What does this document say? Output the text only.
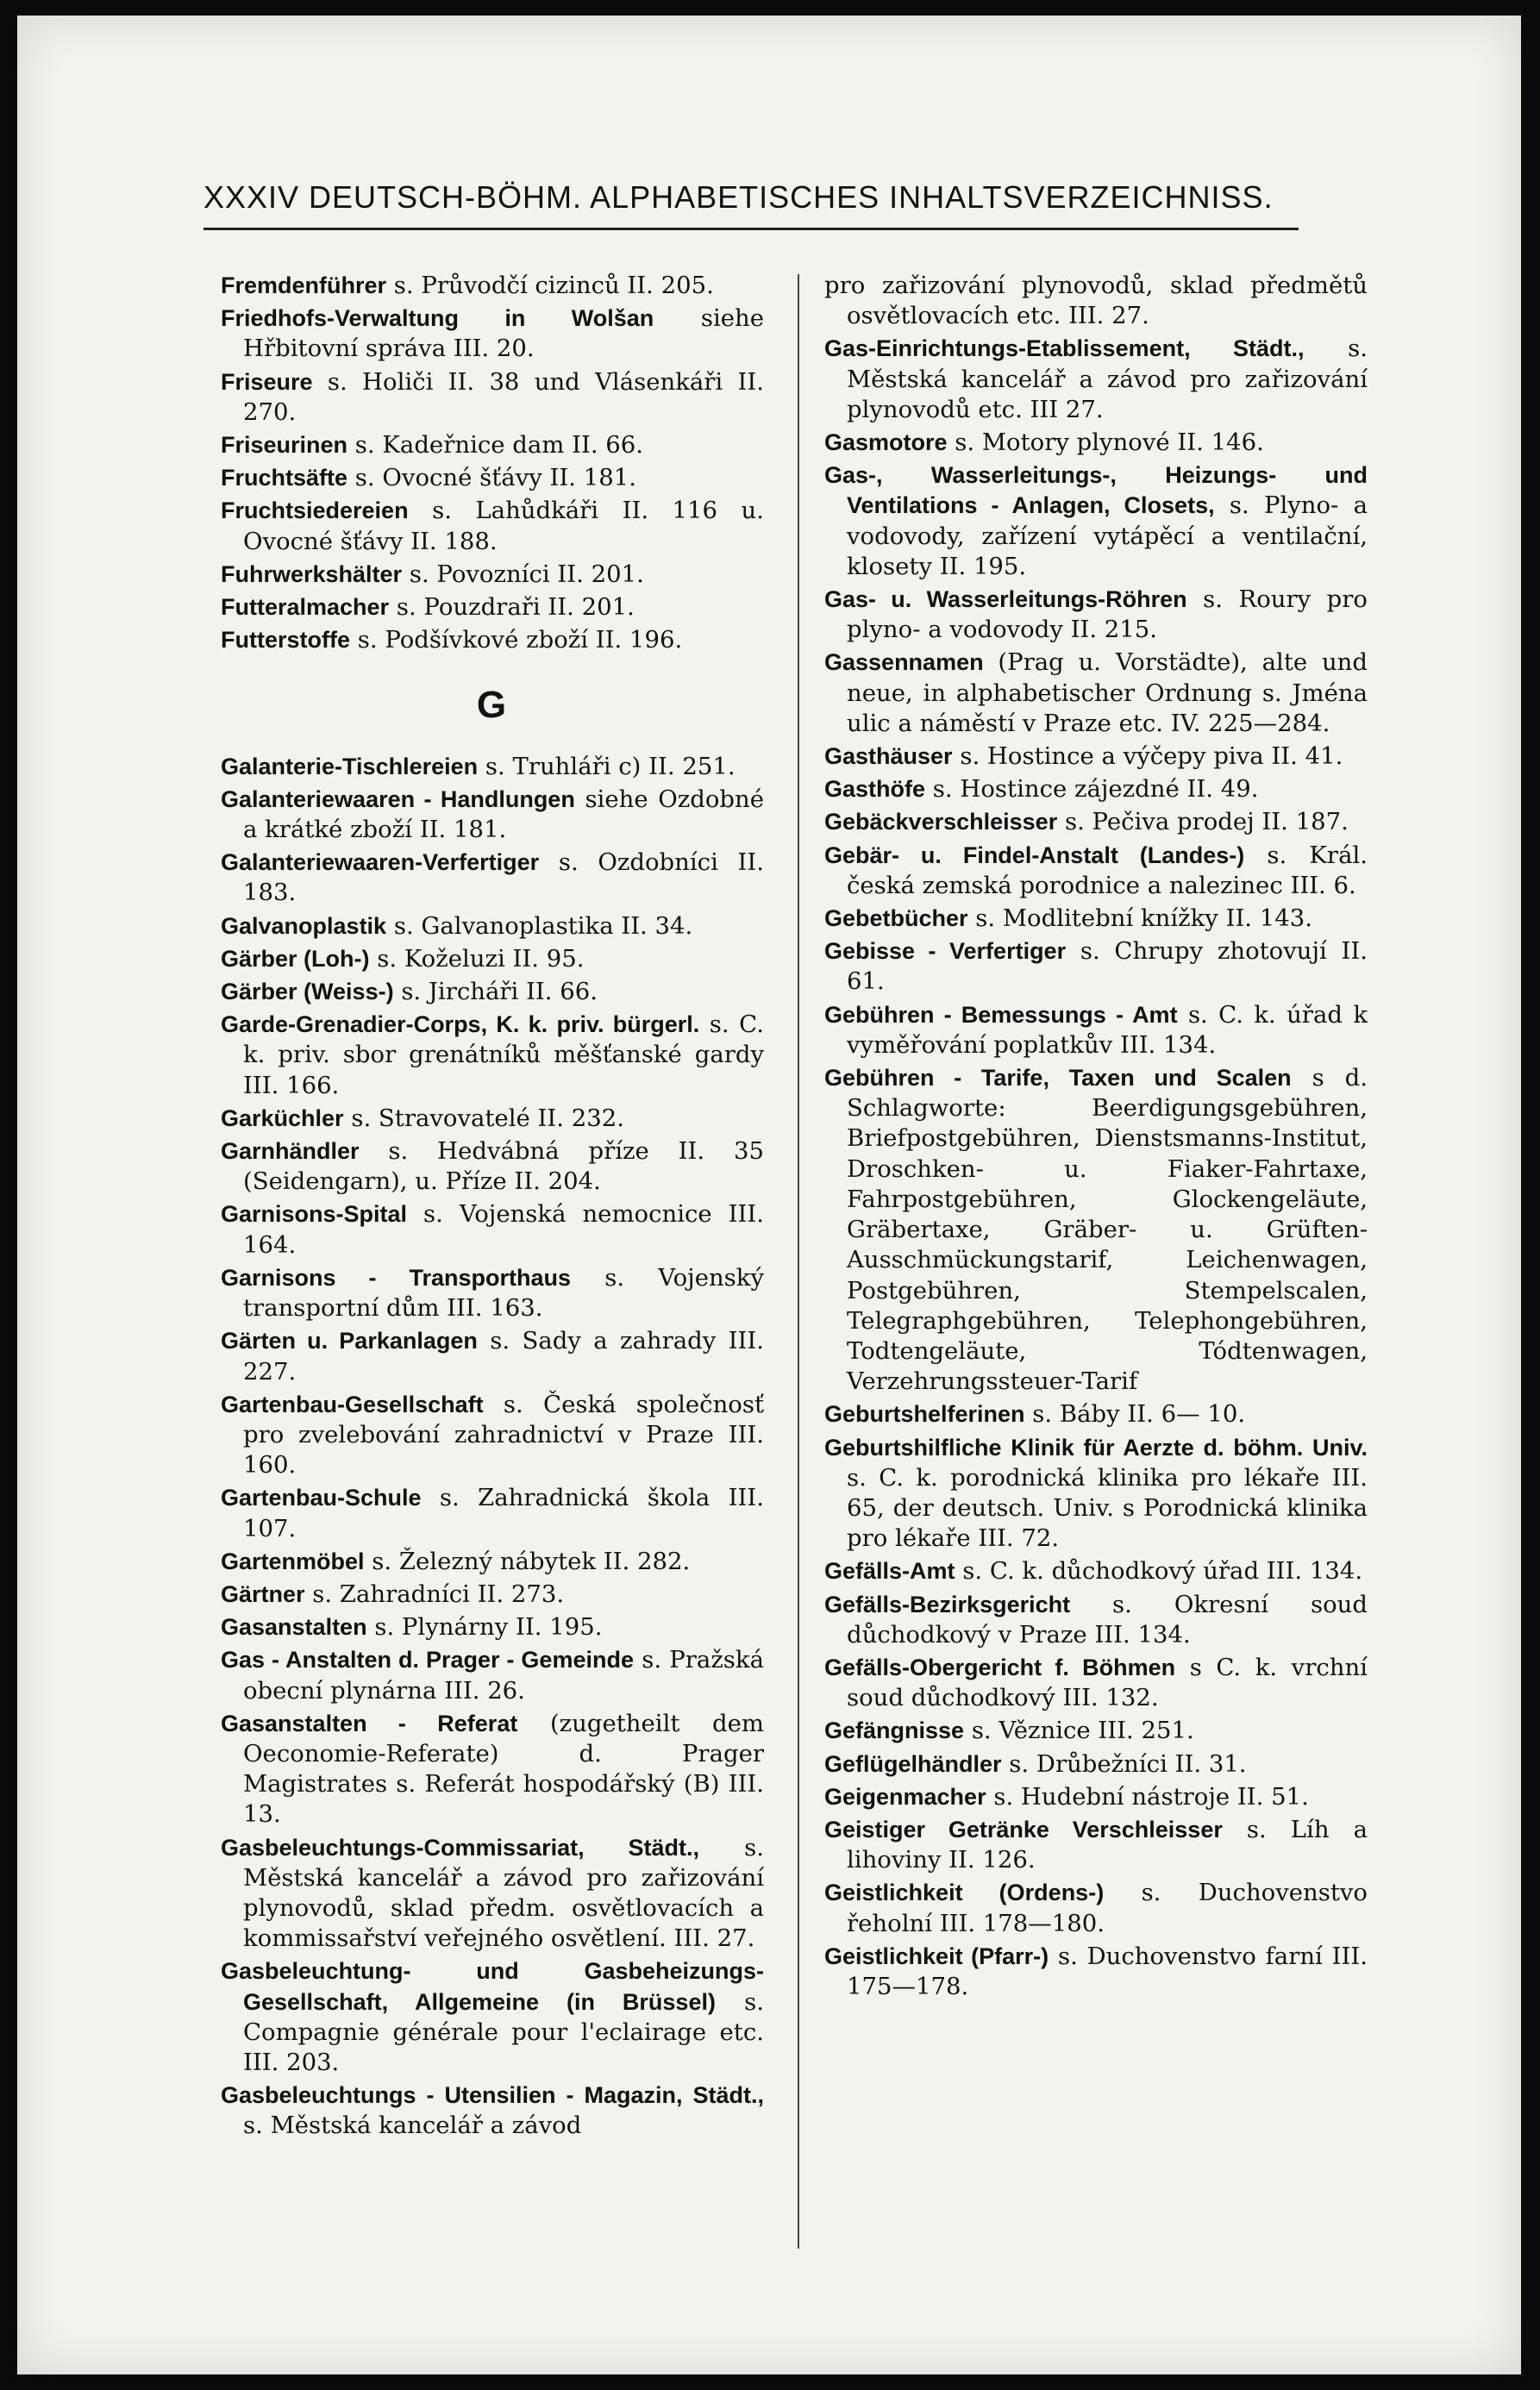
XXXIV DEUTSCH-BÖHM. ALPHABETISCHES INHALTSVERZEICHNISS.
Fremdenführer s. Průvodčí cizinců II. 205.
Friedhofs-Verwaltung in Wolšan siehe Hřbitovní správa III. 20.
Friseure s. Holiči II. 38 und Vlásenkáři II. 270.
Friseurinen s. Kadeřnice dam II. 66.
Fruchtsäfte s. Ovocné šťávy II. 181.
Fruchtsiedereien s. Lahůdkáři II. 116 u. Ovocné šťávy II. 188.
Fuhrwerkshälter s. Povozníci II. 201.
Futteralmacher s. Pouzdraři II. 201.
Futterstoffe s. Podšívkové zboží II. 196.
G
Galanterie-Tischlereien s. Truhláři c) II. 251.
Galanteriewaaren - Handlungen siehe Ozdobné a krátké zboží II. 181.
Galanteriewaaren-Verfertiger s. Ozdobníci II. 183.
Galvanoplastik s. Galvanoplastika II. 34.
Gärber (Loh-) s. Koželuzi II. 95.
Gärber (Weiss-) s. Jircháři II. 66.
Garde-Grenadier-Corps, K. k. priv. bürgerl. s. C. k. priv. sbor grenátníků měšťanské gardy III. 166.
Garküchler s. Stravovatelé II. 232.
Garnhändler s. Hedvábná příze II. 35 (Seidengarn), u. Příze II. 204.
Garnisons-Spital s. Vojenská nemocnice III. 164.
Garnisons - Transporthaus s. Vojenský transportní dům III. 163.
Gärten u. Parkanlagen s. Sady a zahrady III. 227.
Gartenbau-Gesellschaft s. Česká společnosť pro zvelebování zahradnictví v Praze III. 160.
Gartenbau-Schule s. Zahradnická škola III. 107.
Gartenmöbel s. Železný nábytek II. 282.
Gärtner s. Zahradníci II. 273.
Gasanstalten s. Plynárny II. 195.
Gas - Anstalten d. Prager - Gemeinde s. Pražská obecní plynárna III. 26.
Gasanstalten - Referat (zugetheilt dem Oeconomie-Referate) d. Prager Magistrates s. Referát hospodářský (B) III. 13.
Gasbeleuchtungs-Commissariat, Städt., s. Městská kancelář a závod pro zařizování plynovodů, sklad předm. osvětlovacích a kommissařství veřejného osvětlení. III. 27.
Gasbeleuchtung- und Gasbeheizungs-Gesellschaft, Allgemeine (in Brüssel) s. Compagnie générale pour l'eclairage etc. III. 203.
Gasbeleuchtungs - Utensilien - Magazin, Städt., s. Městská kancelář a závod
pro zařizování plynovodů, sklad předmětů osvětlovacích etc. III. 27.
Gas-Einrichtungs-Etablissement, Städt., s. Městská kancelář a závod pro zařizování plynovodů etc. III 27.
Gasmotore s. Motory plynové II. 146.
Gas-, Wasserleitungs-, Heizungs- und Ventilations - Anlagen, Closets, s. Plyno- a vodovody, zařízení vytápěcí a ventilační, klosety II. 195.
Gas- u. Wasserleitungs-Röhren s. Roury pro plyno- a vodovody II. 215.
Gassennamen (Prag u. Vorstädte), alte und neue, in alphabetischer Ordnung s. Jména ulic a náměstí v Praze etc. IV. 225—284.
Gasthäuser s. Hostince a výčepy piva II. 41.
Gasthöfe s. Hostince zájezdné II. 49.
Gebäckverschleisser s. Pečiva prodej II. 187.
Gebär- u. Findel-Anstalt (Landes-) s. Král. česká zemská porodnice a nalezinec III. 6.
Gebetbücher s. Modlitební knížky II. 143.
Gebisse - Verfertiger s. Chrupy zhotovují II. 61.
Gebühren - Bemessungs - Amt s. C. k. úřad k vyměřování poplatkův III. 134.
Gebühren - Tarife, Taxen und Scalen s d. Schlagworte: Beerdigungsgebühren, Briefpostgebühren, Dienstsmanns-Institut, Droschken- u. Fiaker-Fahrtaxe, Fahrpostgebühren, Glockengeläute, Gräbertaxe, Gräber- u. Grüften-Ausschmückungstarif, Leichenwagen, Postgebühren, Stempelscalen, Telegraphgebühren, Telephongebühren, Todtengeläute, Tódtenwagen, Verzehrungssteuer-Tarif
Geburtshelferinen s. Báby II. 6— 10.
Geburtshilfliche Klinik für Aerzte d. böhm. Univ. s. C. k. porodnická klinika pro lékaře III. 65, der deutsch. Univ. s Porodnická klinika pro lékaře III. 72.
Gefälls-Amt s. C. k. důchodkový úřad III. 134.
Gefälls-Bezirksgericht s. Okresní soud důchodkový v Praze III. 134.
Gefälls-Obergericht f. Böhmen s C. k. vrchní soud důchodkový III. 132.
Gefängnisse s. Věznice III. 251.
Geflügelhändler s. Drůbežníci II. 31.
Geigenmacher s. Hudební nástroje II. 51.
Geistiger Getränke Verschleisser s. Líh a lihoviny II. 126.
Geistlichkeit (Ordens-) s. Duchovenstvo řeholní III. 178—180.
Geistlichkeit (Pfarr-) s. Duchovenstvo farní III. 175—178.
